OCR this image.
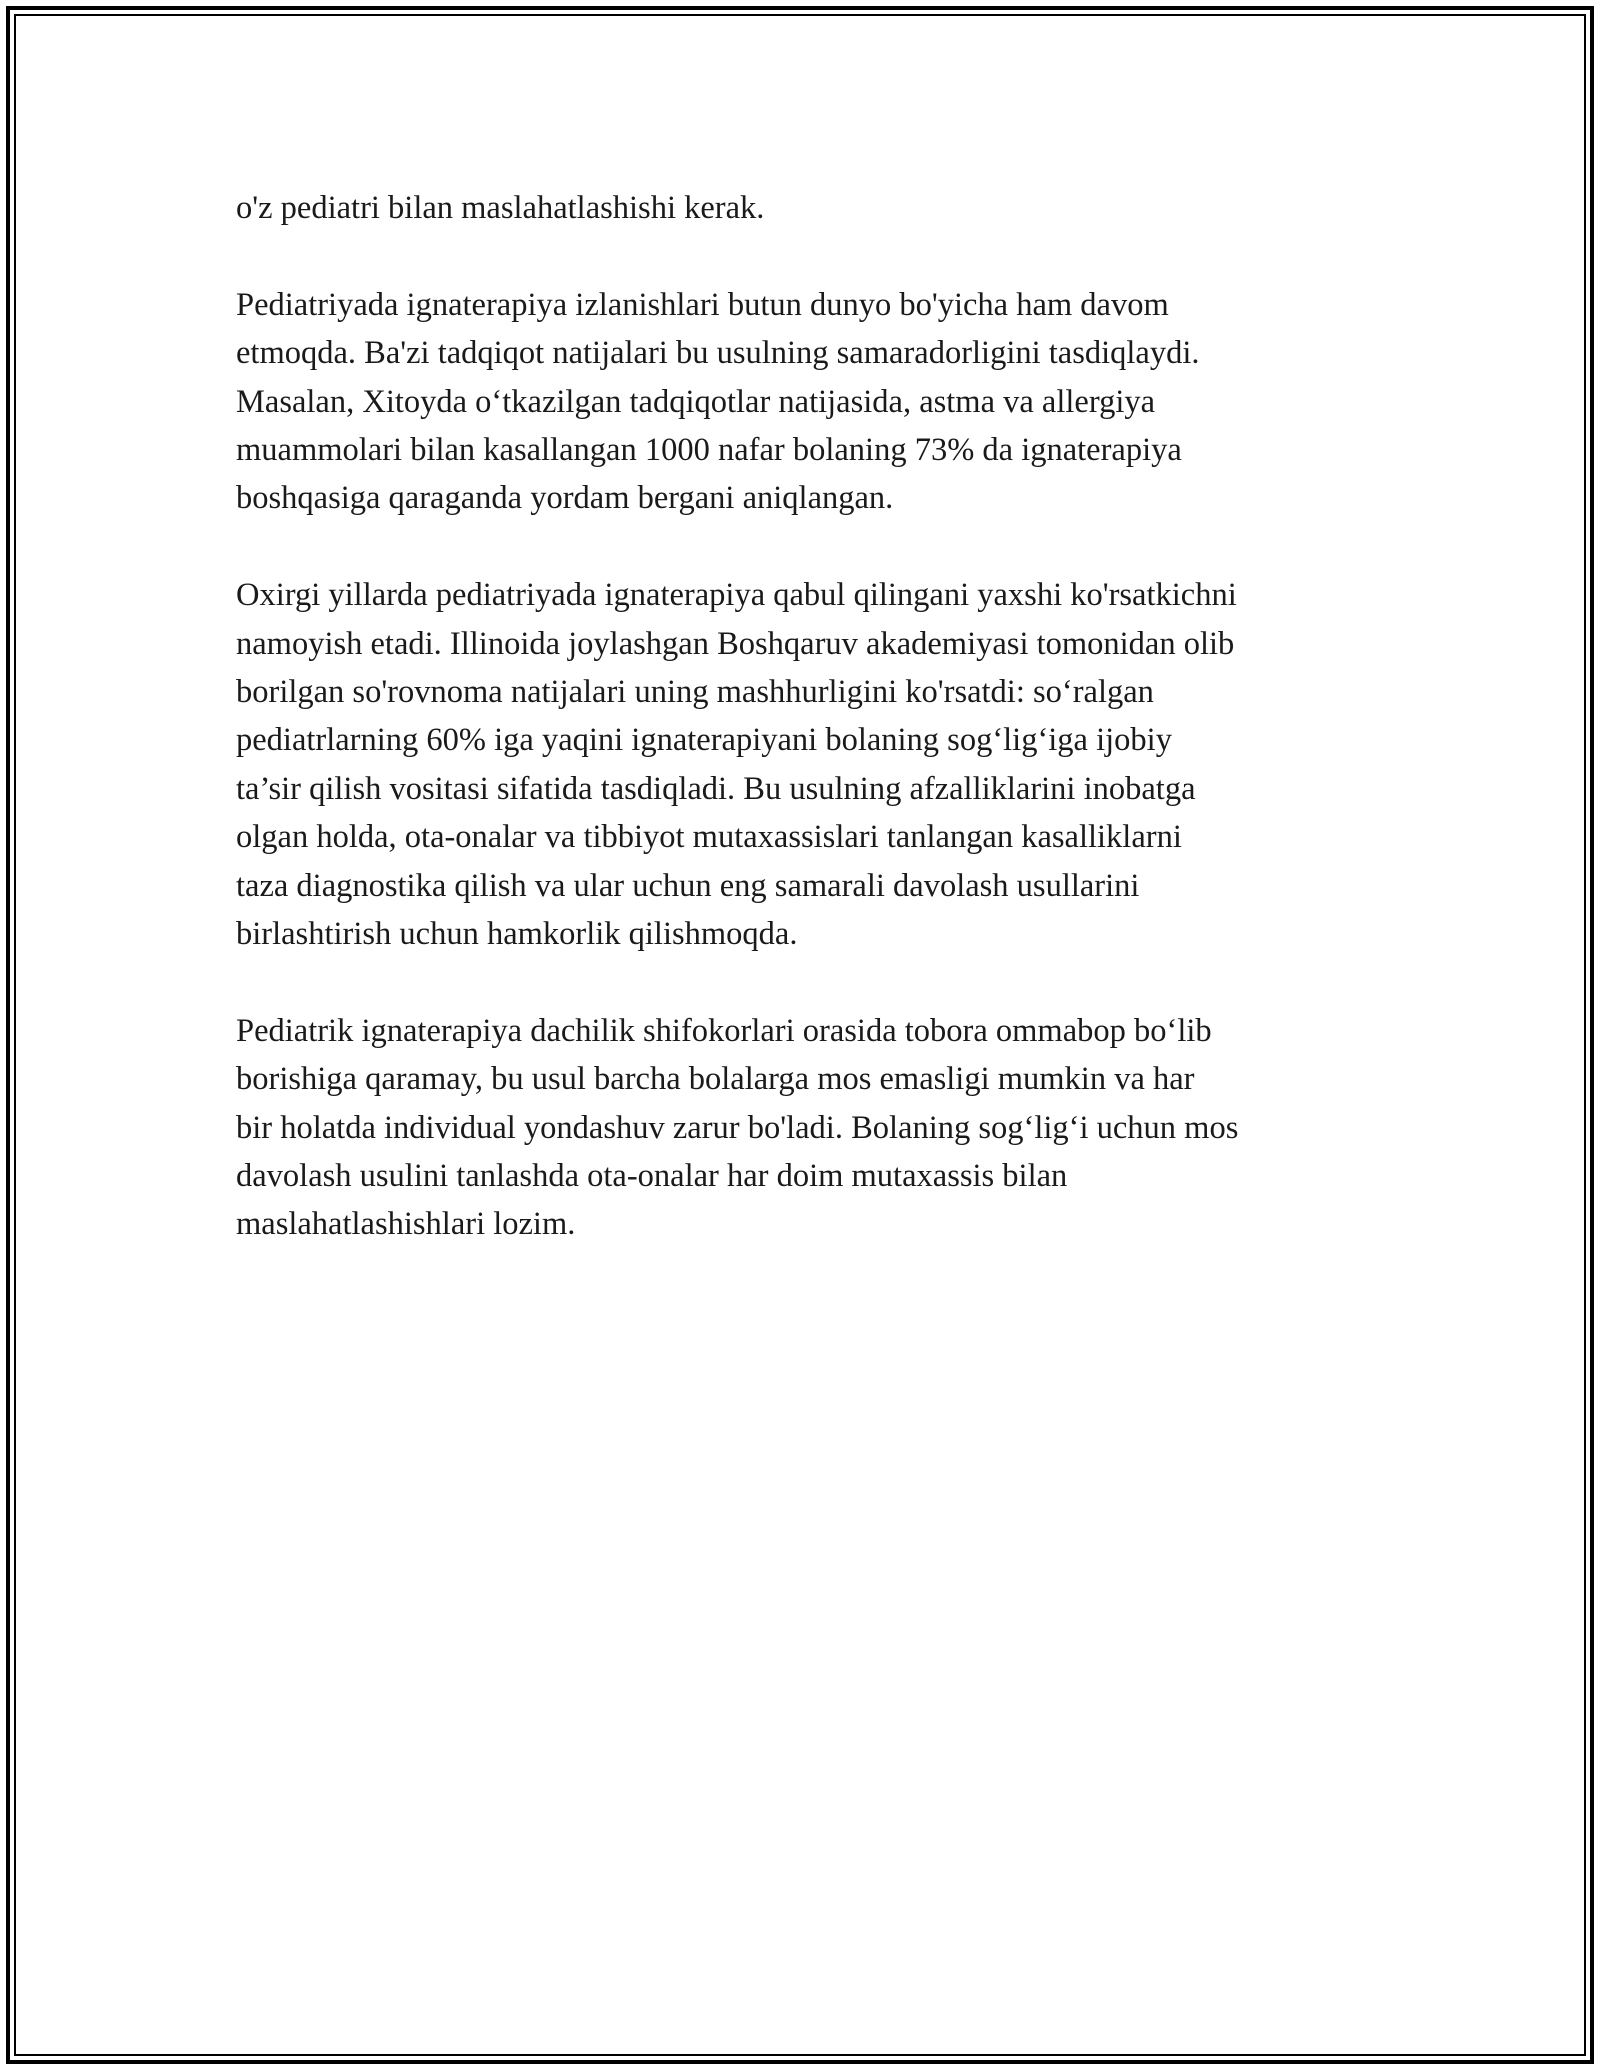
o'z pediatri bilan maslahatlashishi kerak.

Pediatriyada ignaterapiya izlanishlari butun dunyo bo'yicha ham davom
etmoqda. Ba'zi tadqiqot natijalari bu usulning samaradorligini tasdiqlaydi.
Masalan, Xitoyda o‘tkazilgan tadqiqotlar natijasida, astma va allergiya
muammolari bilan kasallangan 1000 nafar bolaning 73% da ignaterapiya
boshqasiga qaraganda yordam bergani aniqlangan.

Oxirgi yillarda pediatriyada ignaterapiya qabul qilingani yaxshi ko'rsatkichni
namoyish etadi. Illinoida joylashgan Boshqaruv akademiyasi tomonidan olib
borilgan so'rovnoma natijalari uning mashhurligini ko'rsatdi: so‘ralgan
pediatrlarning 60% iga yaqini ignaterapiyani bolaning sog‘lig‘iga ijobiy
ta’sir qilish vositasi sifatida tasdiqladi. Bu usulning afzalliklarini inobatga
olgan holda, ota-onalar va tibbiyot mutaxassislari tanlangan kasalliklarni
taza diagnostika qilish va ular uchun eng samarali davolash usullarini
birlashtirish uchun hamkorlik qilishmoqda.

Pediatrik ignaterapiya dachilik shifokorlari orasida tobora ommabop bo‘lib
borishiga qaramay, bu usul barcha bolalarga mos emasligi mumkin va har
bir holatda individual yondashuv zarur bo'ladi. Bolaning sog‘lig‘i uchun mos
davolash usulini tanlashda ota-onalar har doim mutaxassis bilan
maslahatlashishlari lozim.
